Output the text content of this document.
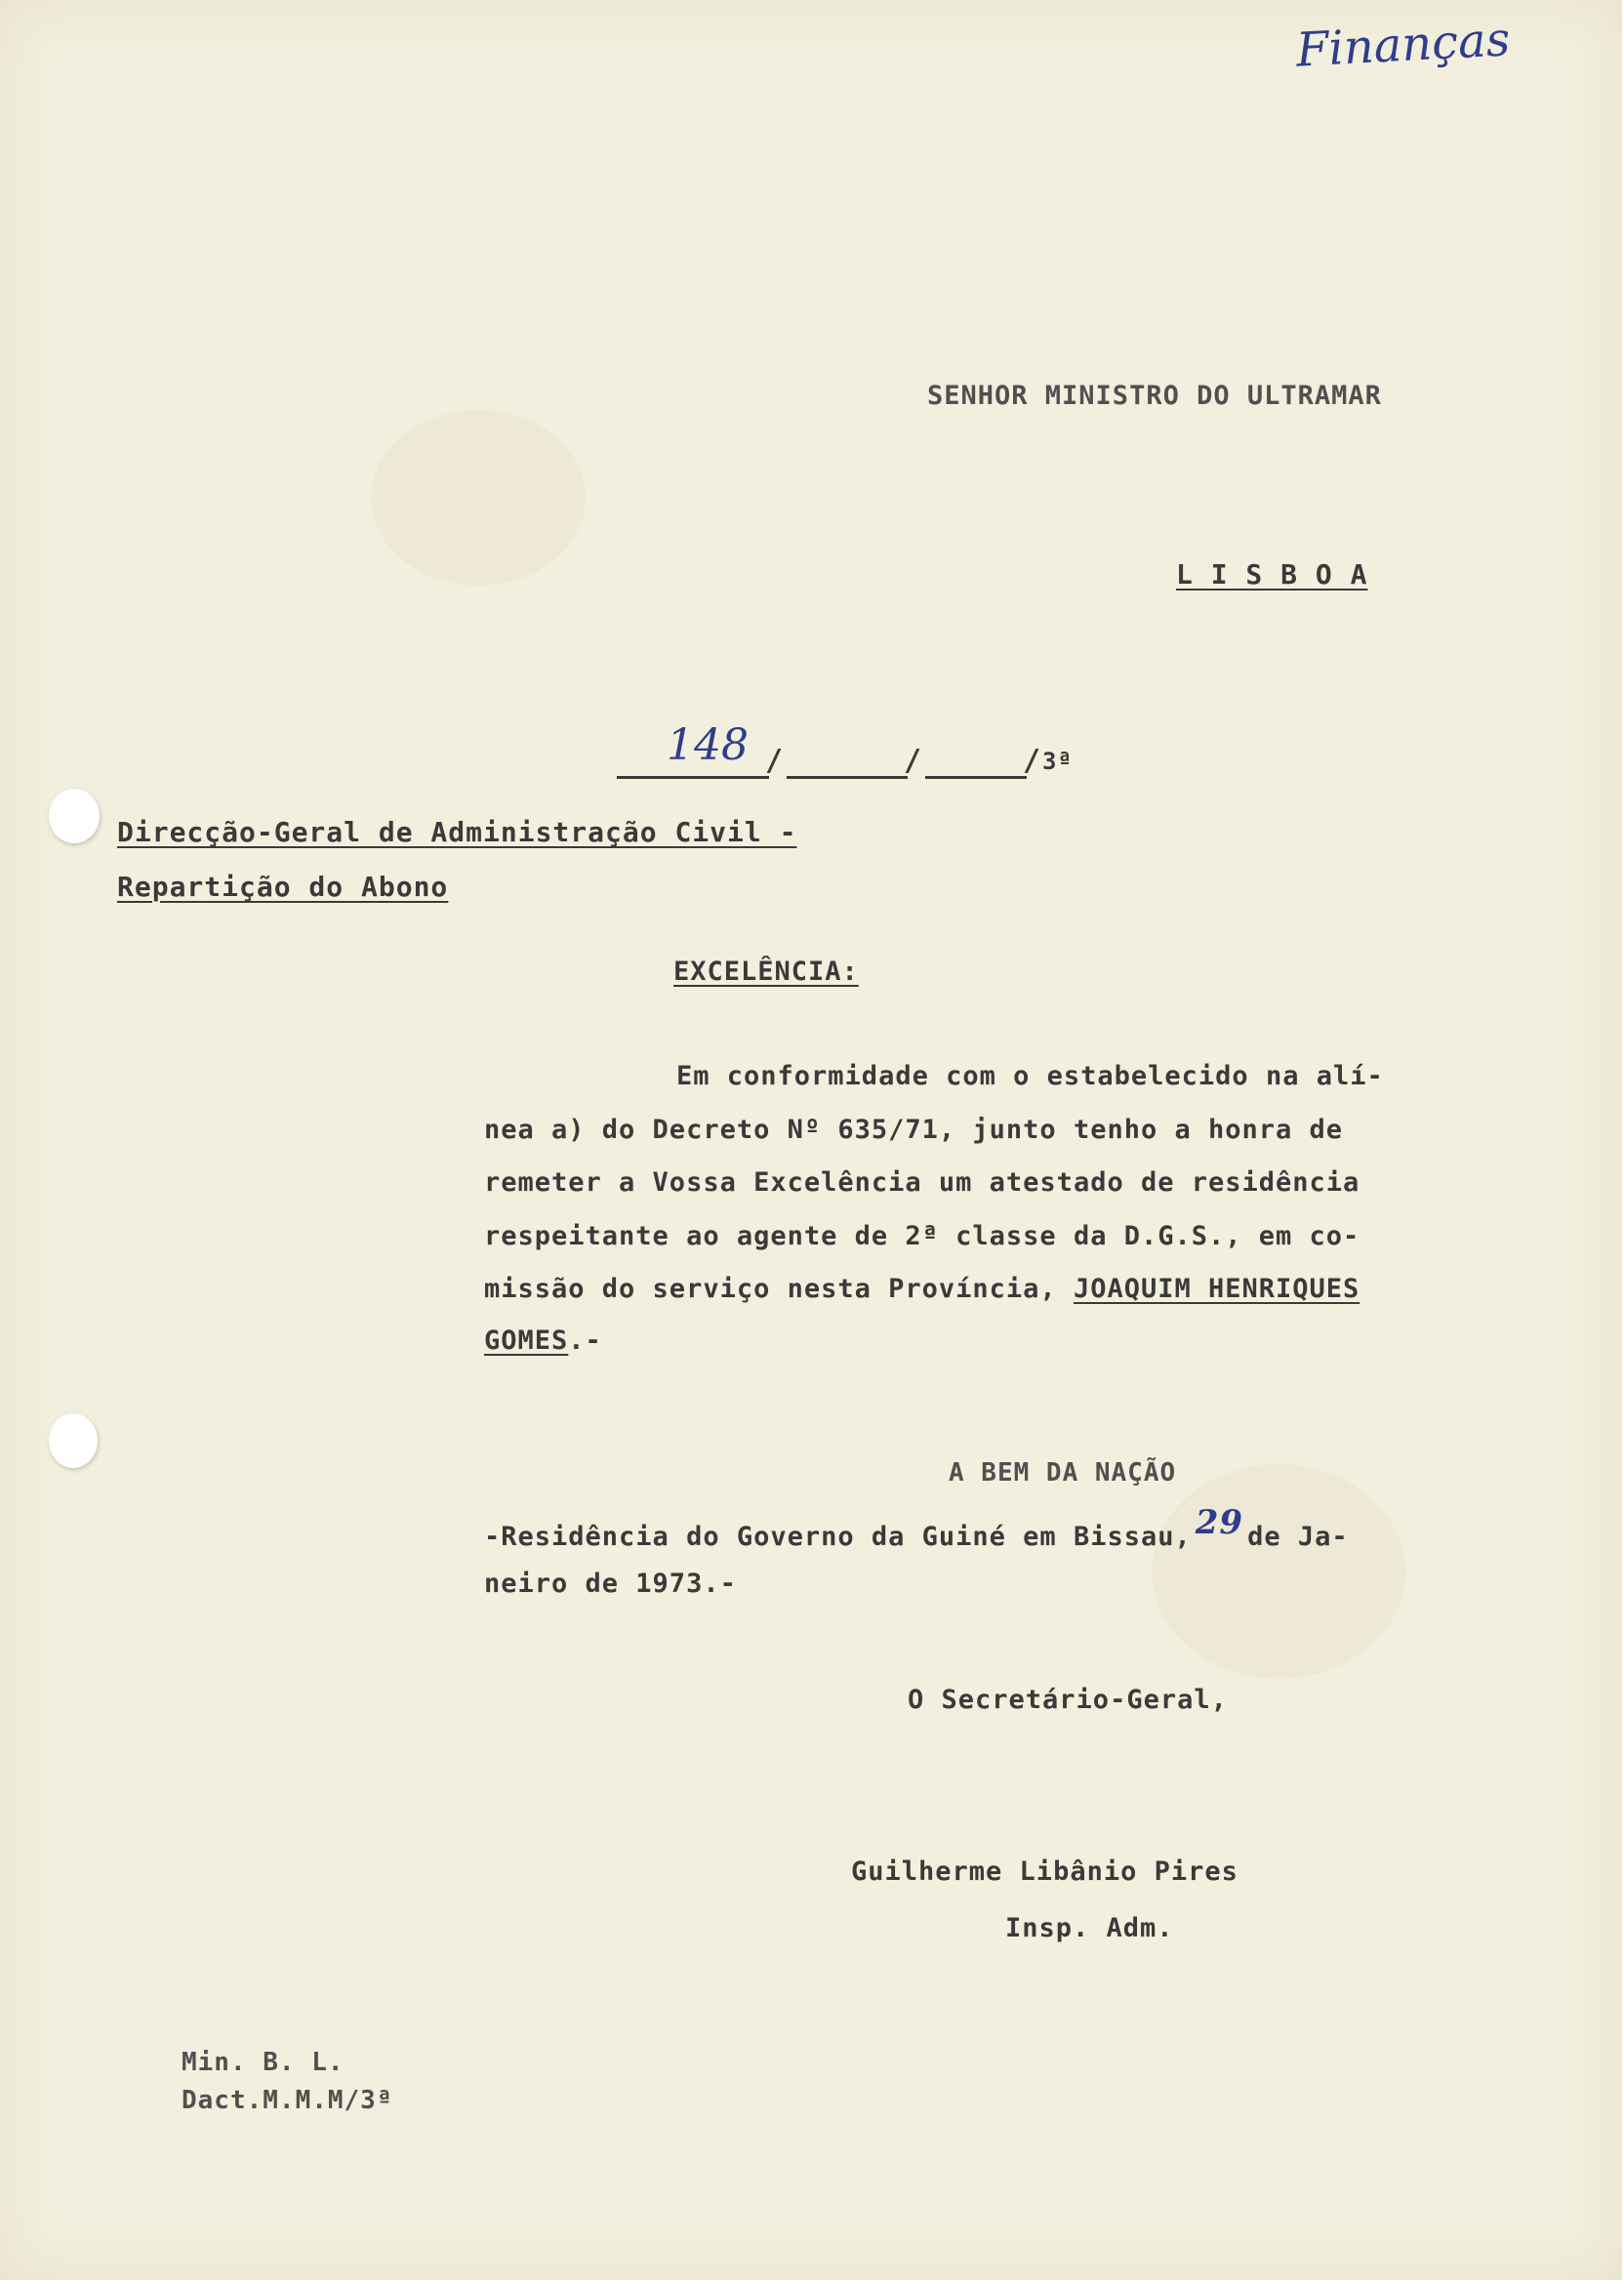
Finanças

SENHOR MINISTRO DO ULTRAMAR

L I S B O A

148 /	/	/ 3ª

Direcção-Geral de Administração Civil -

Repartição do Abono

EXCELÊNCIA:

Em conformidade com o estabelecido na alí-

nea a) do Decreto Nº 635/71, junto tenho a honra de

remeter a Vossa Excelência um atestado de residência

respeitante ao agente de 2ª classe da D.G.S., em co-

missão do serviço nesta Província, JOAQUIM HENRIQUES

GOMES.-

A BEM DA NAÇÃO

-Residência do Governo da Guiné em Bissau, 29 de Ja-

neiro de 1973.-

O Secretário-Geral,

Guilherme Libânio Pires

Insp. Adm.

Min. B. L.

Dact.M.M.M/3ª
